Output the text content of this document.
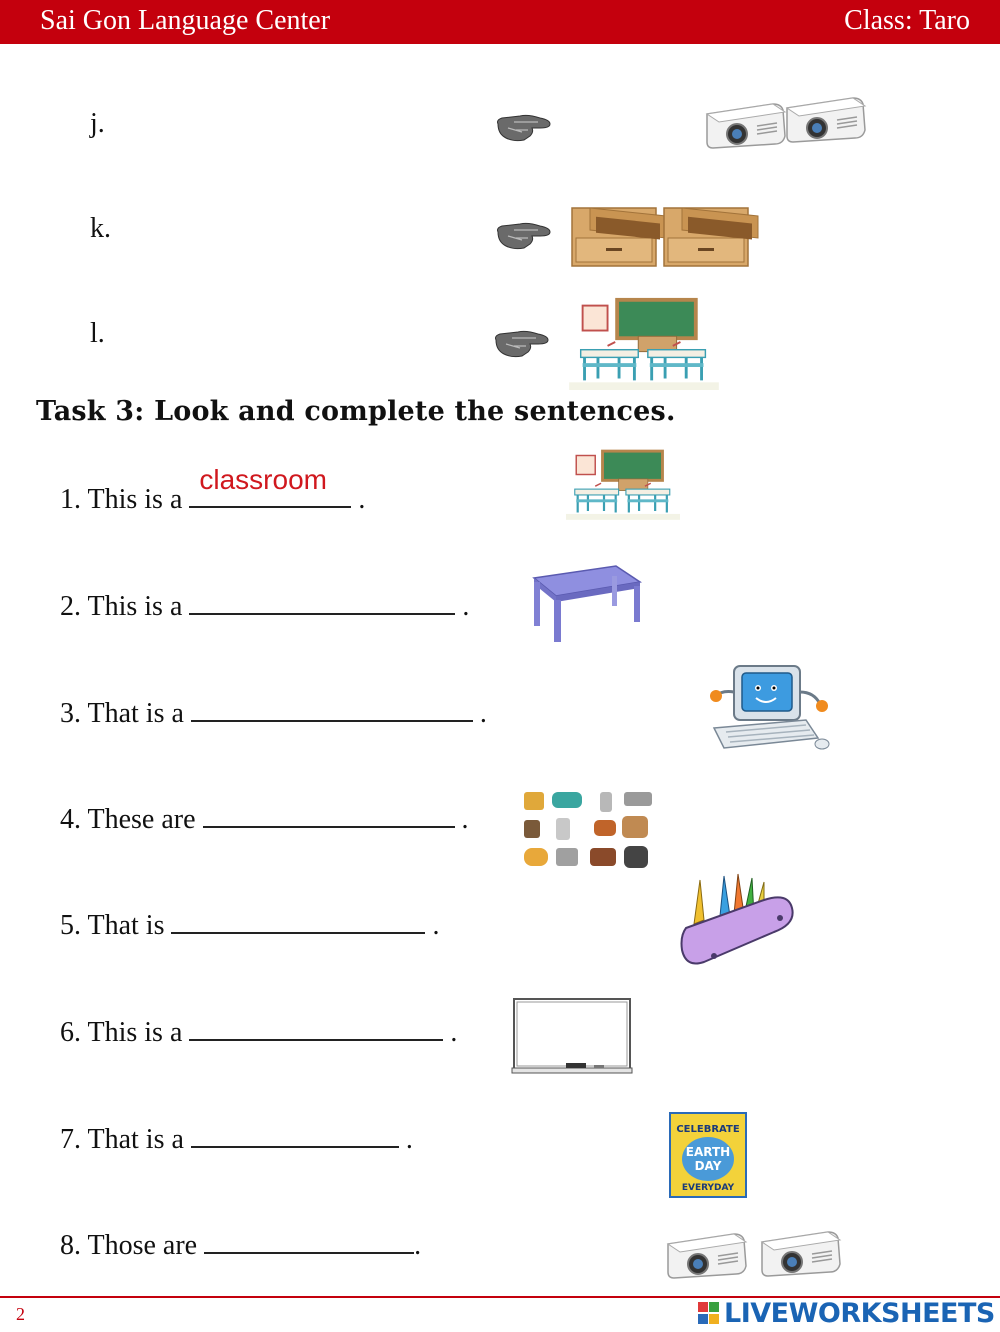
Sai Gon Language Center	Class: Taro
j.
k.
l.
Task 3: Look and complete the sentences.
1. This is a
classroom
.
2. This is a	.
3. That is a	.
4. These are	.
5. That is	.
6. This is a	.
7. That is a	.	CELEBRATE
EARTH
DAY
EVERYDAY
8. Those are	.
2	LIVEWORKSHEETS
